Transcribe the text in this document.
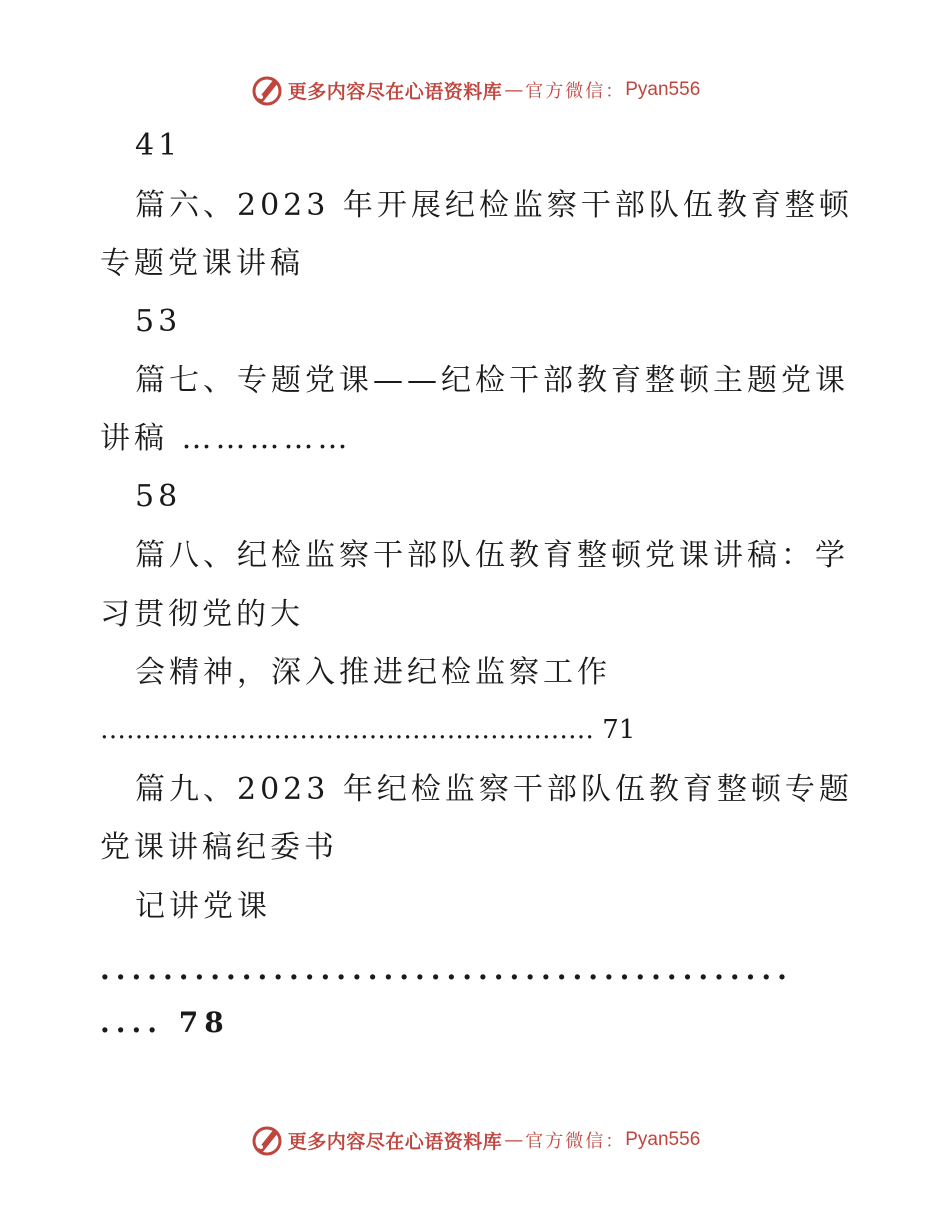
更多内容尽在心语资料库 — 官方微信： Pyan556
41
篇六、2023 年开展纪检监察干部队伍教育整顿
专题党课讲稿
53
篇七、专题党课——纪检干部教育整顿主题党课
讲稿 ……………
58
篇八、纪检监察干部队伍教育整顿党课讲稿：学
习贯彻党的大
会精神，深入推进纪检监察工作
………………………………………………… 71
篇九、2023 年纪检监察干部队伍教育整顿专题
党课讲稿纪委书
记讲党课
............................................
.... 78
更多内容尽在心语资料库 — 官方微信： Pyan556
